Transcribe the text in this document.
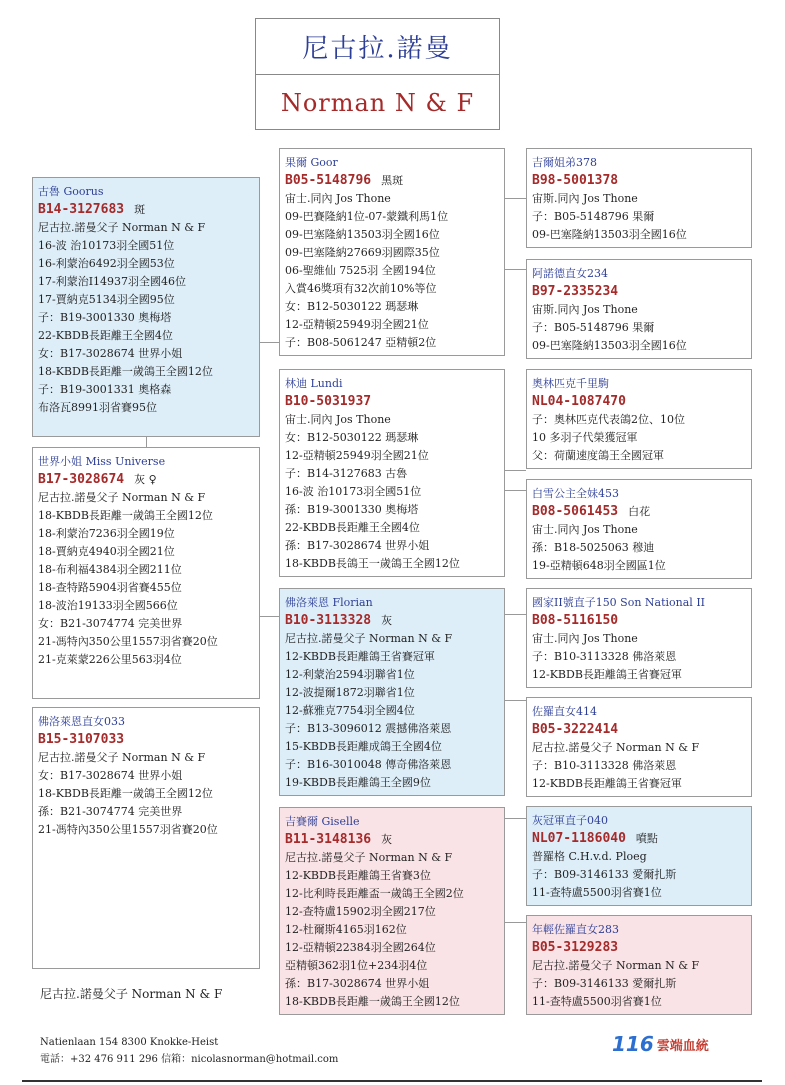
尼古拉.諾曼
Norman N & F
古魯 Goorus
B14-3127683 斑
尼古拉.諾曼父子 Norman N & F
16-波 治10173羽全國51位
16-利蒙治6492羽全國53位
17-利蒙治I14937羽全國46位
17-賈納克5134羽全國95位
子：B19-3001330 奧梅塔
22-KBDB長距離王全國4位
女：B17-3028674 世界小姐
18-KBDB長距離一歲鴿王全國12位
子：B19-3001331 奧格森
布洛瓦8991羽省賽95位
世界小姐 Miss Universe
B17-3028674 灰 ♀
尼古拉.諾曼父子 Norman N & F
18-KBDB長距離一歲鴿王全國12位
18-利蒙治7236羽全國19位
18-賈納克4940羽全國21位
18-布利福4384羽全國211位
18-查特路5904羽省賽455位
18-波治19133羽全國566位
女：B21-3074774 完美世界
21-馮特內350公里1557羽省賽20位
21-克萊蒙226公里563羽4位
佛洛萊恩直女033
B15-3107033
尼古拉.諾曼父子 Norman N & F
女：B17-3028674 世界小姐
18-KBDB長距離一歲鴿王全國12位
孫：B21-3074774 完美世界
21-馮特內350公里1557羽省賽20位
果爾 Goor
B05-5148796 黑斑
宙士.同內 Jos Thone
09-巴賽隆納1位-07-蒙鐵利馬1位
09-巴塞隆納13503羽全國16位
09-巴塞隆納27669羽國際35位
06-聖維仙 7525羽 全國194位
入賞46獎項有32次前10%等位
女：B12-5030122 瑪瑟琳
12-亞精頓25949羽全國21位
子：B08-5061247 亞精頓2位
林迪 Lundi
B10-5031937
宙士.同內 Jos Thone
女：B12-5030122 瑪瑟琳
12-亞精頓25949羽全國21位
子：B14-3127683 古魯
16-波 治10173羽全國51位
孫：B19-3001330 奧梅塔
22-KBDB長距離王全國4位
孫：B17-3028674 世界小姐
18-KBDB長鴿王一歲鴿王全國12位
佛洛萊恩 Florian
B10-3113328 灰
尼古拉.諾曼父子 Norman N & F
12-KBDB長距離鴿王省賽冠軍
12-利蒙治2594羽聯省1位
12-波提爾1872羽聯省1位
12-蘇雅克7754羽全國4位
子：B13-3096012 震撼佛洛萊恩
15-KBDB長距離成鴿王全國4位
子：B16-3010048 傳奇佛洛萊恩
19-KBDB長距離鴿王全國9位
吉賽爾 Giselle
B11-3148136 灰
尼古拉.諾曼父子 Norman N & F
12-KBDB長距離鴿王省賽3位
12-比利時長距離盃一歲鴿王全國2位
12-查特盧15902羽全國217位
12-杜爾斯4165羽162位
12-亞精頓22384羽全國264位
亞精頓362羽1位+234羽4位
孫：B17-3028674 世界小姐
18-KBDB長距離一歲鴿王全國12位
吉爾姐弟378
B98-5001378
宙斯.同內 Jos Thone
子：B05-5148796 果爾
09-巴塞隆納13503羽全國16位
阿諾德直女234
B97-2335234
宙斯.同內 Jos Thone
子：B05-5148796 果爾
09-巴塞隆納13503羽全國16位
奧林匹克千里駒
NL04-1087470
子：奧林匹克代表鴿2位、10位
10 多羽子代榮獲冠軍
父：荷蘭速度鴿王全國冠軍
白雪公主全妹453
B08-5061453 白花
宙士.同內 Jos Thone
孫：B18-5025063 穆迪
19-亞精頓648羽全國區1位
國家II號直子150 Son National II
B08-5116150
宙士.同內 Jos Thone
子：B10-3113328 佛洛萊恩
12-KBDB長距離鴿王省賽冠軍
佐羅直女414
B05-3222414
尼古拉.諾曼父子 Norman N & F
子：B10-3113328 佛洛萊恩
12-KBDB長距離鴿王省賽冠軍
灰冠軍直子040
NL07-1186040 噴點
普羅格 C.H.v.d. Ploeg
子：B09-3146133 愛爾扎斯
11-查特盧5500羽省賽1位
年輕佐羅直女283
B05-3129283
尼古拉.諾曼父子 Norman N & F
子：B09-3146133 愛爾扎斯
11-查特盧5500羽省賽1位
尼古拉.諾曼父子 Norman N & F
Natienlaan 154 8300 Knokke-Heist
電話：+32 476 911 296 信箱：nicolasnorman@hotmail.com
116 雲端血統
